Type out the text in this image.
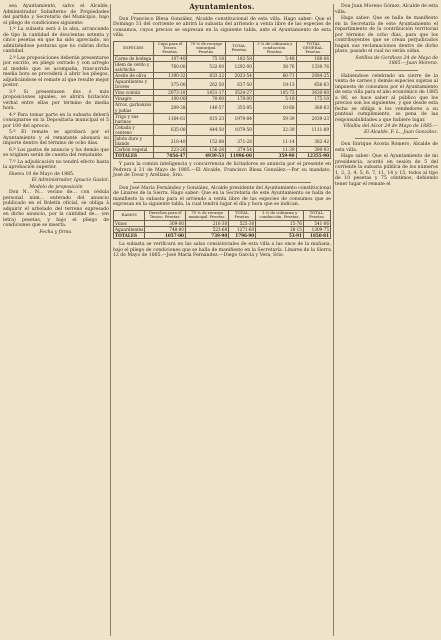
sea Ayuntamiento, salvo el Alcalde, Administrador Subalterno de Propiedades del partido y Secretario del Municipio, bajo el pliego de condiciones siguiente:

1.º La subasta será á la alza, arrancando de tipo la cantidad de doscientas setenta y cinco pesetas en que ha sido apreciado, no admitiéndose posturas que no cubran dicha cantidad.

2.º Las proposiciones deberán presentarse por escrito, en pliego cerrado y con arreglo al modelo que se acompaña, trascurrida media hora se procederá á abrir los pliegos, adjudicándose el remate al que resulte mejor postor.

3.º Si presentasen dos ó más proposiciones iguales, se abrirá licitación verbal entre ellas por término de media hora.

4.º Para tomar parte en la subasta deberá consignarse en la Depositaría municipal el 5 por 100 del aprecio.

5.º El remate se aprobará por el Ayuntamiento y el rematante abonará su importe dentro del término de ocho días.

6.º Los gastos de anuncio y los demás que se originen serán de cuenta del rematante.

7.º La adjudicación no tendrá efecto hasta la aprobación superior.

Hueva 10 de Mayo de 1885.

El Administrador, Ignacio Gastol.

Modelo de proposición

Don N... N... vecino de... con cédula personal núm... enterado del anuncio publicado en el Boletín oficial, se obliga á adquirir el arbolado del terreno expresado en dicho anuncio, por la cantidad de... (en letra) pesetas, y bajo el pliego de condiciones que se inserta.

Fecha y firma.
Ayuntamientos.

Don Francisco Blesa González, Alcalde constitucional de esta villa. Hago saber: Que el Domingo 31 del corriente se abrirá la subasta del arriendo a venta libre de las especies de consumos, cuyos precios se expresan en la siguiente tabla, ante el Ayuntamiento de esta villa.

ESPECIES	Cupo para el Tesoro. Pesetas.	70 % de recargo municipal. Pesetas.	TOTAL. Pesetas.	3 % de cobranza y conducción. Pesetas.	TOTAL GENERAL. Pesetas.
Carne de bodega	107·40	75·18	182·58	5·48	188·06
Idem de cerdo y salchicha	760·00	532·00	1292·00	38·76	1330·76
Aceite de oliva	1190·32	833·22	2023·54	60·71	2084·25
Aguardientes y licores	375·00	262·50	637·50	19·13	656·63
Vino común	2073·10	1451·17	3524·27	105·73	3630·00
Vinagre	100·00	70·00	170·00	5·10	175·10
Arroz, garbanzos y judías	209·38	146·57	355·95	10·68	366·63
Trigo y sus harinas	1164·61	815·23	1979·84	59·39	2039·23
Cebada y centeno	635·00	444·50	1079·50	32·39	1111·89
Jabón duro y blando	218·40	152·88	371·28	11·14	382·42
Carbón vegetal	223·26	156·28	379·54	11·39	390·93
TOTALES	7056·47	4939·53	11996·00	359·90	12355·90

Y para la común inteligencia y concurrencia de licitadores se anuncia por el presente en Pedrera á 21 de Mayo de 1885.—El Alcalde, Francisco Blesa González.—Por su mandato, José de Tovar y Arellano, Srio.

Don José María Fernández y González, Alcalde presidente del Ayuntamiento constitucional de Linares de la Sierra. Hago saber: Que en la Secretaría de este Ayuntamiento se halla de manifiesto la subasta para el arriendo a venta libre de las especies de consumos que se expresan en la siguiente tabla, la cual tendrá lugar el día y hora que se indican.

RAMOS	Derechos para el Tesoro. Pesetas.	70 % de recargo municipal. Pesetas.	TOTAL. Pesetas.	3 % de cobranza y conducción. Pesetas.	TOTAL. Pesetas.
Vinos	309·00	216·30	525·30	15·76	541·06
Aguardientes	748·00	523·60	1271·60	38·15	1309·75
TOTALES	1057·00	739·90	1796·90	53·91	1850·81

La subasta se verificará en las salas consistoriales de esta villa a las once de la mañana, bajo el pliego de condiciones que se halla de manifiesto en la Secretaría. Linares de la Sierra 12 de Mayo de 1885.—José María Fernández.—Diego García y Vera, Srio.

Don Juan Moreno Gómez, Alcalde de esta villa.

Hago saber: Que se halla de manifiesto en la Secretaría de este Ayuntamiento el repartimiento de la contribución territorial por término de ocho días, para que los contribuyentes que se crean perjudicados hagan sus reclamaciones dentro de dicho plazo, pasado el cual no serán oídas.

Sotillos de Gordlozo 24 de Mayo de 1885.—Juan Moreno.

Habiéndose celebrado un cierre de la venta de carnes y demás especies sujetas al impuesto de consumos por el Ayuntamiento de esta villa para el año económico de 1885 a 86, se hace saber al público que los precios son los siguientes, y que desde esta fecha se obliga a los vendedores a su puntual cumplimiento, so pena de las responsabilidades a que hubiere lugar.

Villalba del Alcor 24 de Mayo de 1885.—El Alcalde, F. L., Juan González.

Don Enrique Acosta Romero, Alcalde de esta villa.

Hago saber: Que el Ayuntamiento de mi presidencia, acordó en sesión de 5 del corriente la subasta pública de los números 1, 2, 3, 4, 5, 6, 7, 11, 14 y 15, todos al tipo de 10 pesetas y 75 céntimos, debiendo tener lugar el remate el
